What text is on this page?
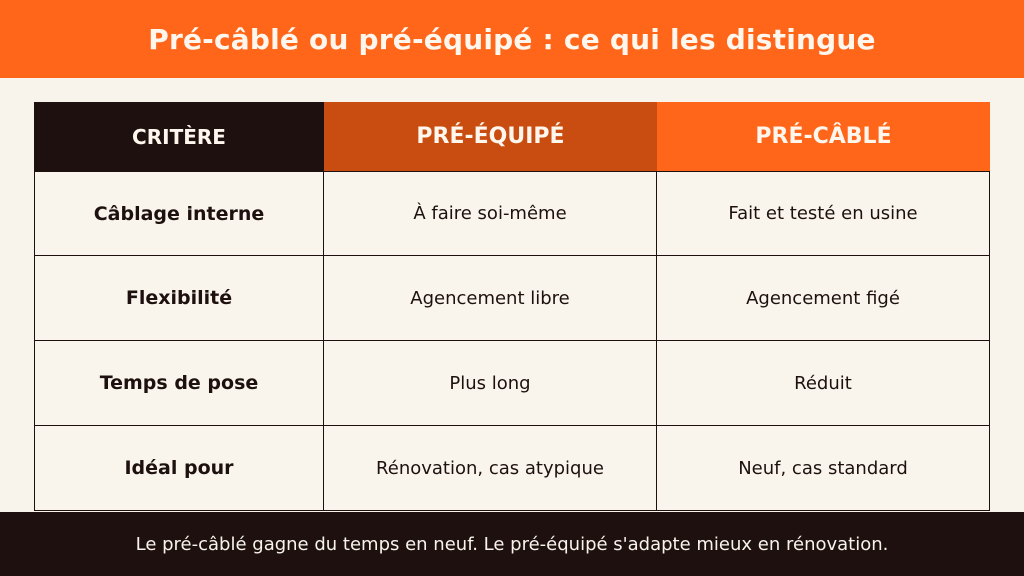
Pré-câblé ou pré-équipé : ce qui les distingue
CRITÈRE	PRÉ-ÉQUIPÉ	PRÉ-CÂBLÉ
Câblage interne	À faire soi-même	Fait et testé en usine
Flexibilité	Agencement libre	Agencement figé
Temps de pose	Plus long	Réduit
Idéal pour	Rénovation, cas atypique	Neuf, cas standard

Le pré-câblé gagne du temps en neuf. Le pré-équipé s'adapte mieux en rénovation.
